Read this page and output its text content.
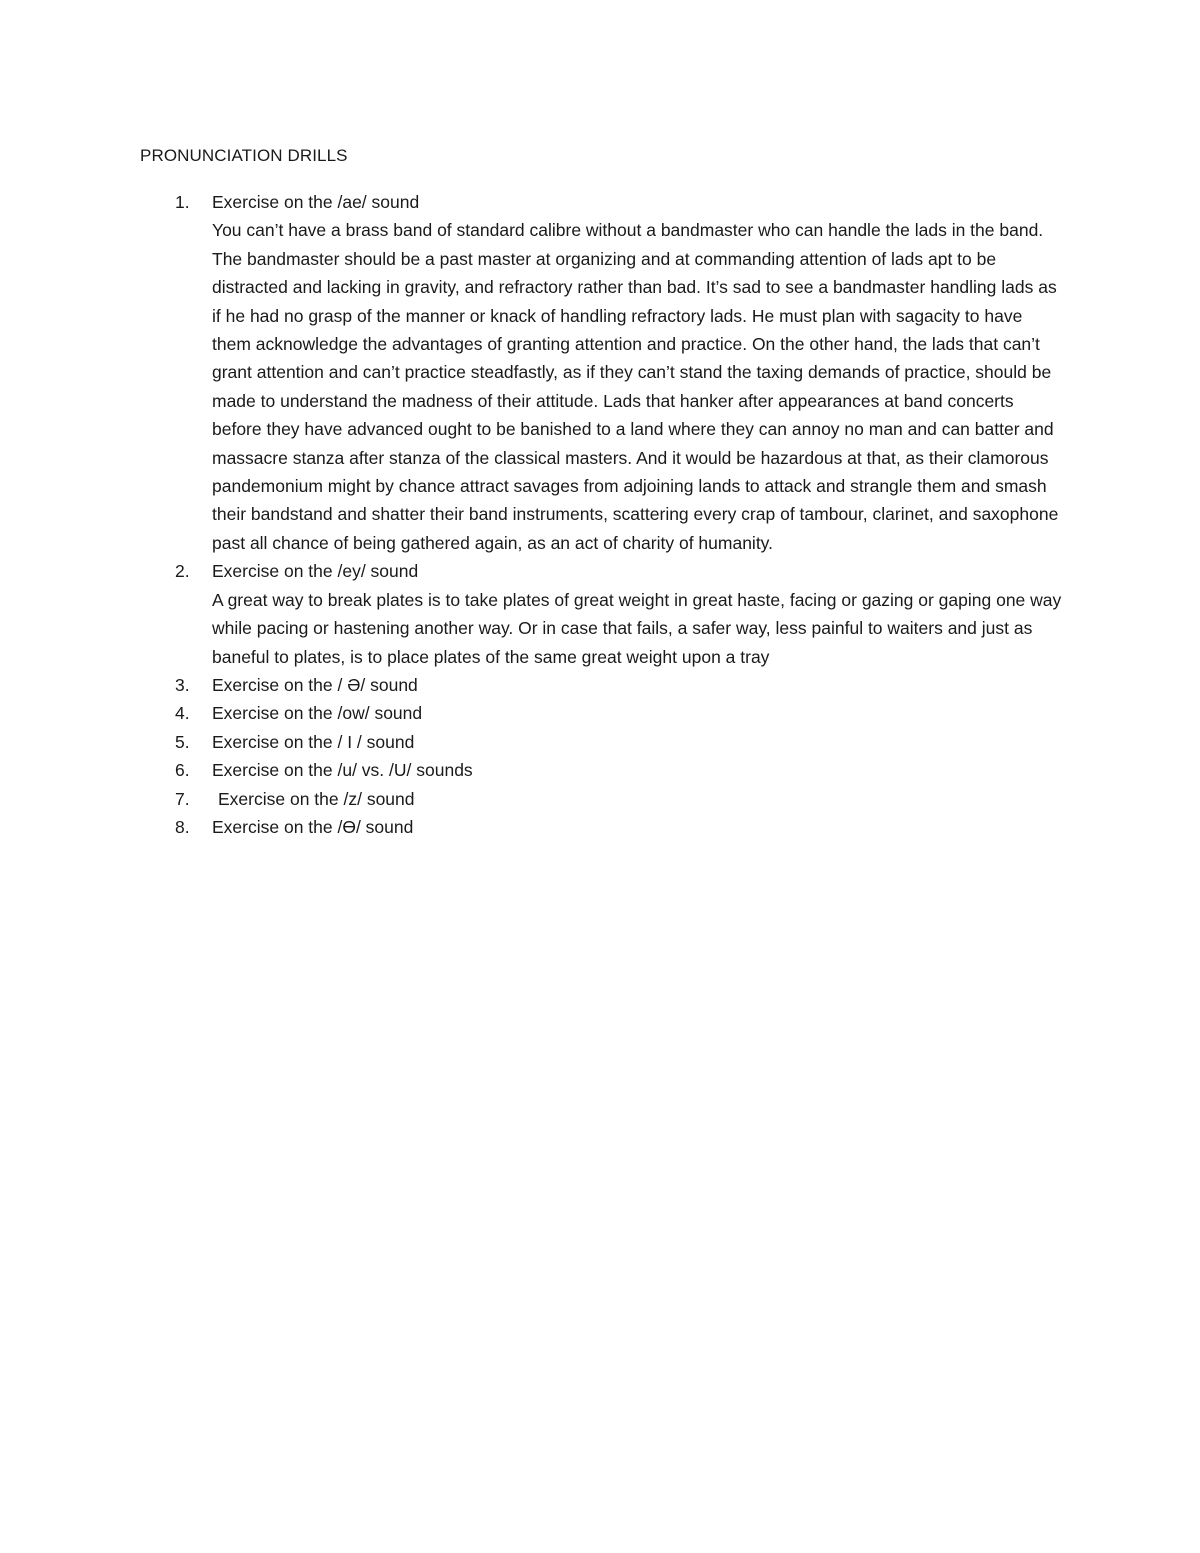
PRONUNCIATION DRILLS
1. Exercise on the /ae/ sound
You can’t have a brass band of standard calibre without a bandmaster who can handle the lads in the band. The bandmaster should be a past master at organizing and at commanding attention of lads apt to be distracted and lacking in gravity, and refractory rather than bad. It’s sad to see a bandmaster handling lads as if he had no grasp of the manner or knack of handling refractory lads. He must plan with sagacity to have them acknowledge the advantages of granting attention and practice. On the other hand, the lads that can’t grant attention and can’t practice steadfastly, as if they can’t stand the taxing demands of practice, should be made to understand the madness of their attitude. Lads that hanker after appearances at band concerts before they have advanced ought to be banished to a land where they can annoy no man and can batter and massacre stanza after stanza of the classical masters. And it would be hazardous at that, as their clamorous pandemonium might by chance attract savages from adjoining lands to attack and strangle them and smash their bandstand and shatter their band instruments, scattering every crap of tambour, clarinet, and saxophone past all chance of being gathered again, as an act of charity of humanity.
2. Exercise on the /ey/ sound
A great way to break plates is to take plates of great weight in great haste, facing or gazing or gaping one way while pacing or hastening another way. Or in case that fails, a safer way, less painful to waiters and just as baneful to plates, is to place plates of the same great weight upon a tray
3. Exercise on the / Ə/ sound
4. Exercise on the /ow/ sound
5. Exercise on the / I / sound
6. Exercise on the /u/ vs. /U/ sounds
7.	Exercise on the /z/ sound
8. Exercise on the /Ɵ/ sound
